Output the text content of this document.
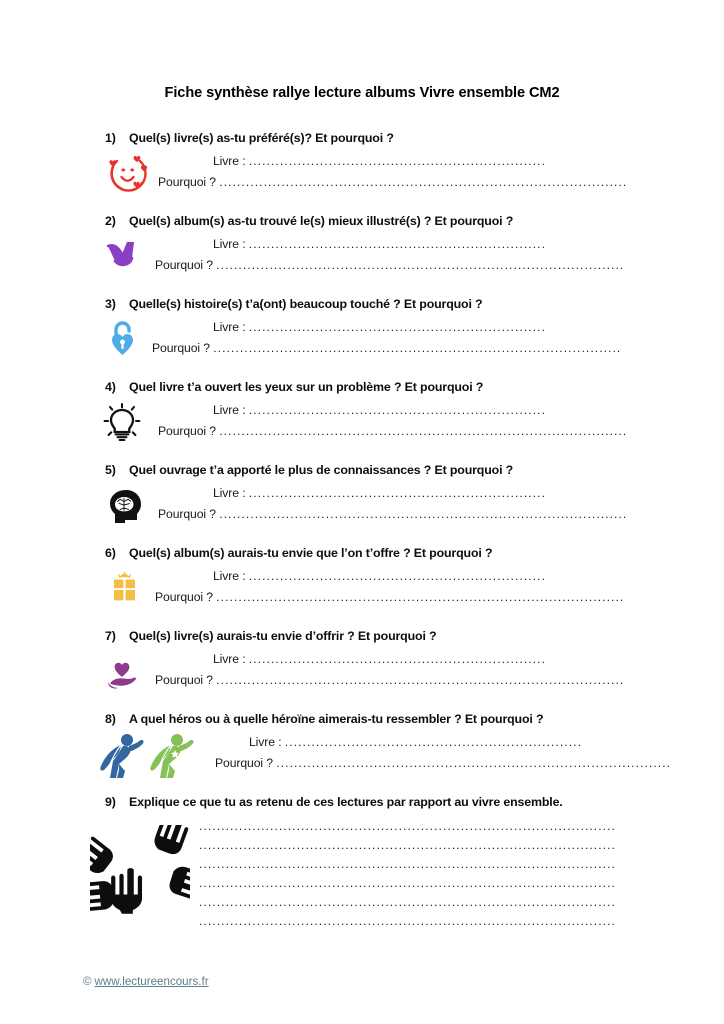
Fiche synthèse rallye lecture albums Vivre ensemble CM2
1) Quel(s) livre(s) as-tu préféré(s)? Et pourquoi ?
Livre : ...................................................................
Pourquoi ? ............................................................................................
2) Quel(s) album(s) as-tu trouvé le(s) mieux illustré(s) ? Et pourquoi ?
Livre : ...................................................................
Pourquoi ? ............................................................................................
3) Quelle(s) histoire(s) t’a(ont) beaucoup touché ? Et pourquoi ?
Livre : ...................................................................
Pourquoi ? ............................................................................................
4) Quel livre t’a ouvert les yeux sur un problème ? Et pourquoi ?
Livre : ...................................................................
Pourquoi ? ............................................................................................
5) Quel ouvrage t’a apporté le plus de connaissances ? Et pourquoi ?
Livre : ...................................................................
Pourquoi ? ............................................................................................
6) Quel(s) album(s) aurais-tu envie que l’on t’offre ? Et pourquoi ?
Livre : ...................................................................
Pourquoi ? ............................................................................................
7) Quel(s) livre(s) aurais-tu envie d’offrir ? Et pourquoi ?
Livre : ...................................................................
Pourquoi ? ............................................................................................
8) A quel héros ou à quelle héroïne aimerais-tu ressembler ? Et pourquoi ?
Livre : ...................................................................
Pourquoi ? .........................................................................................
9) Explique ce que tu as retenu de ces lectures par rapport au vivre ensemble.
..............................................................................................
..............................................................................................
..............................................................................................
..............................................................................................
..............................................................................................
..............................................................................................
© www.lectureencours.fr
